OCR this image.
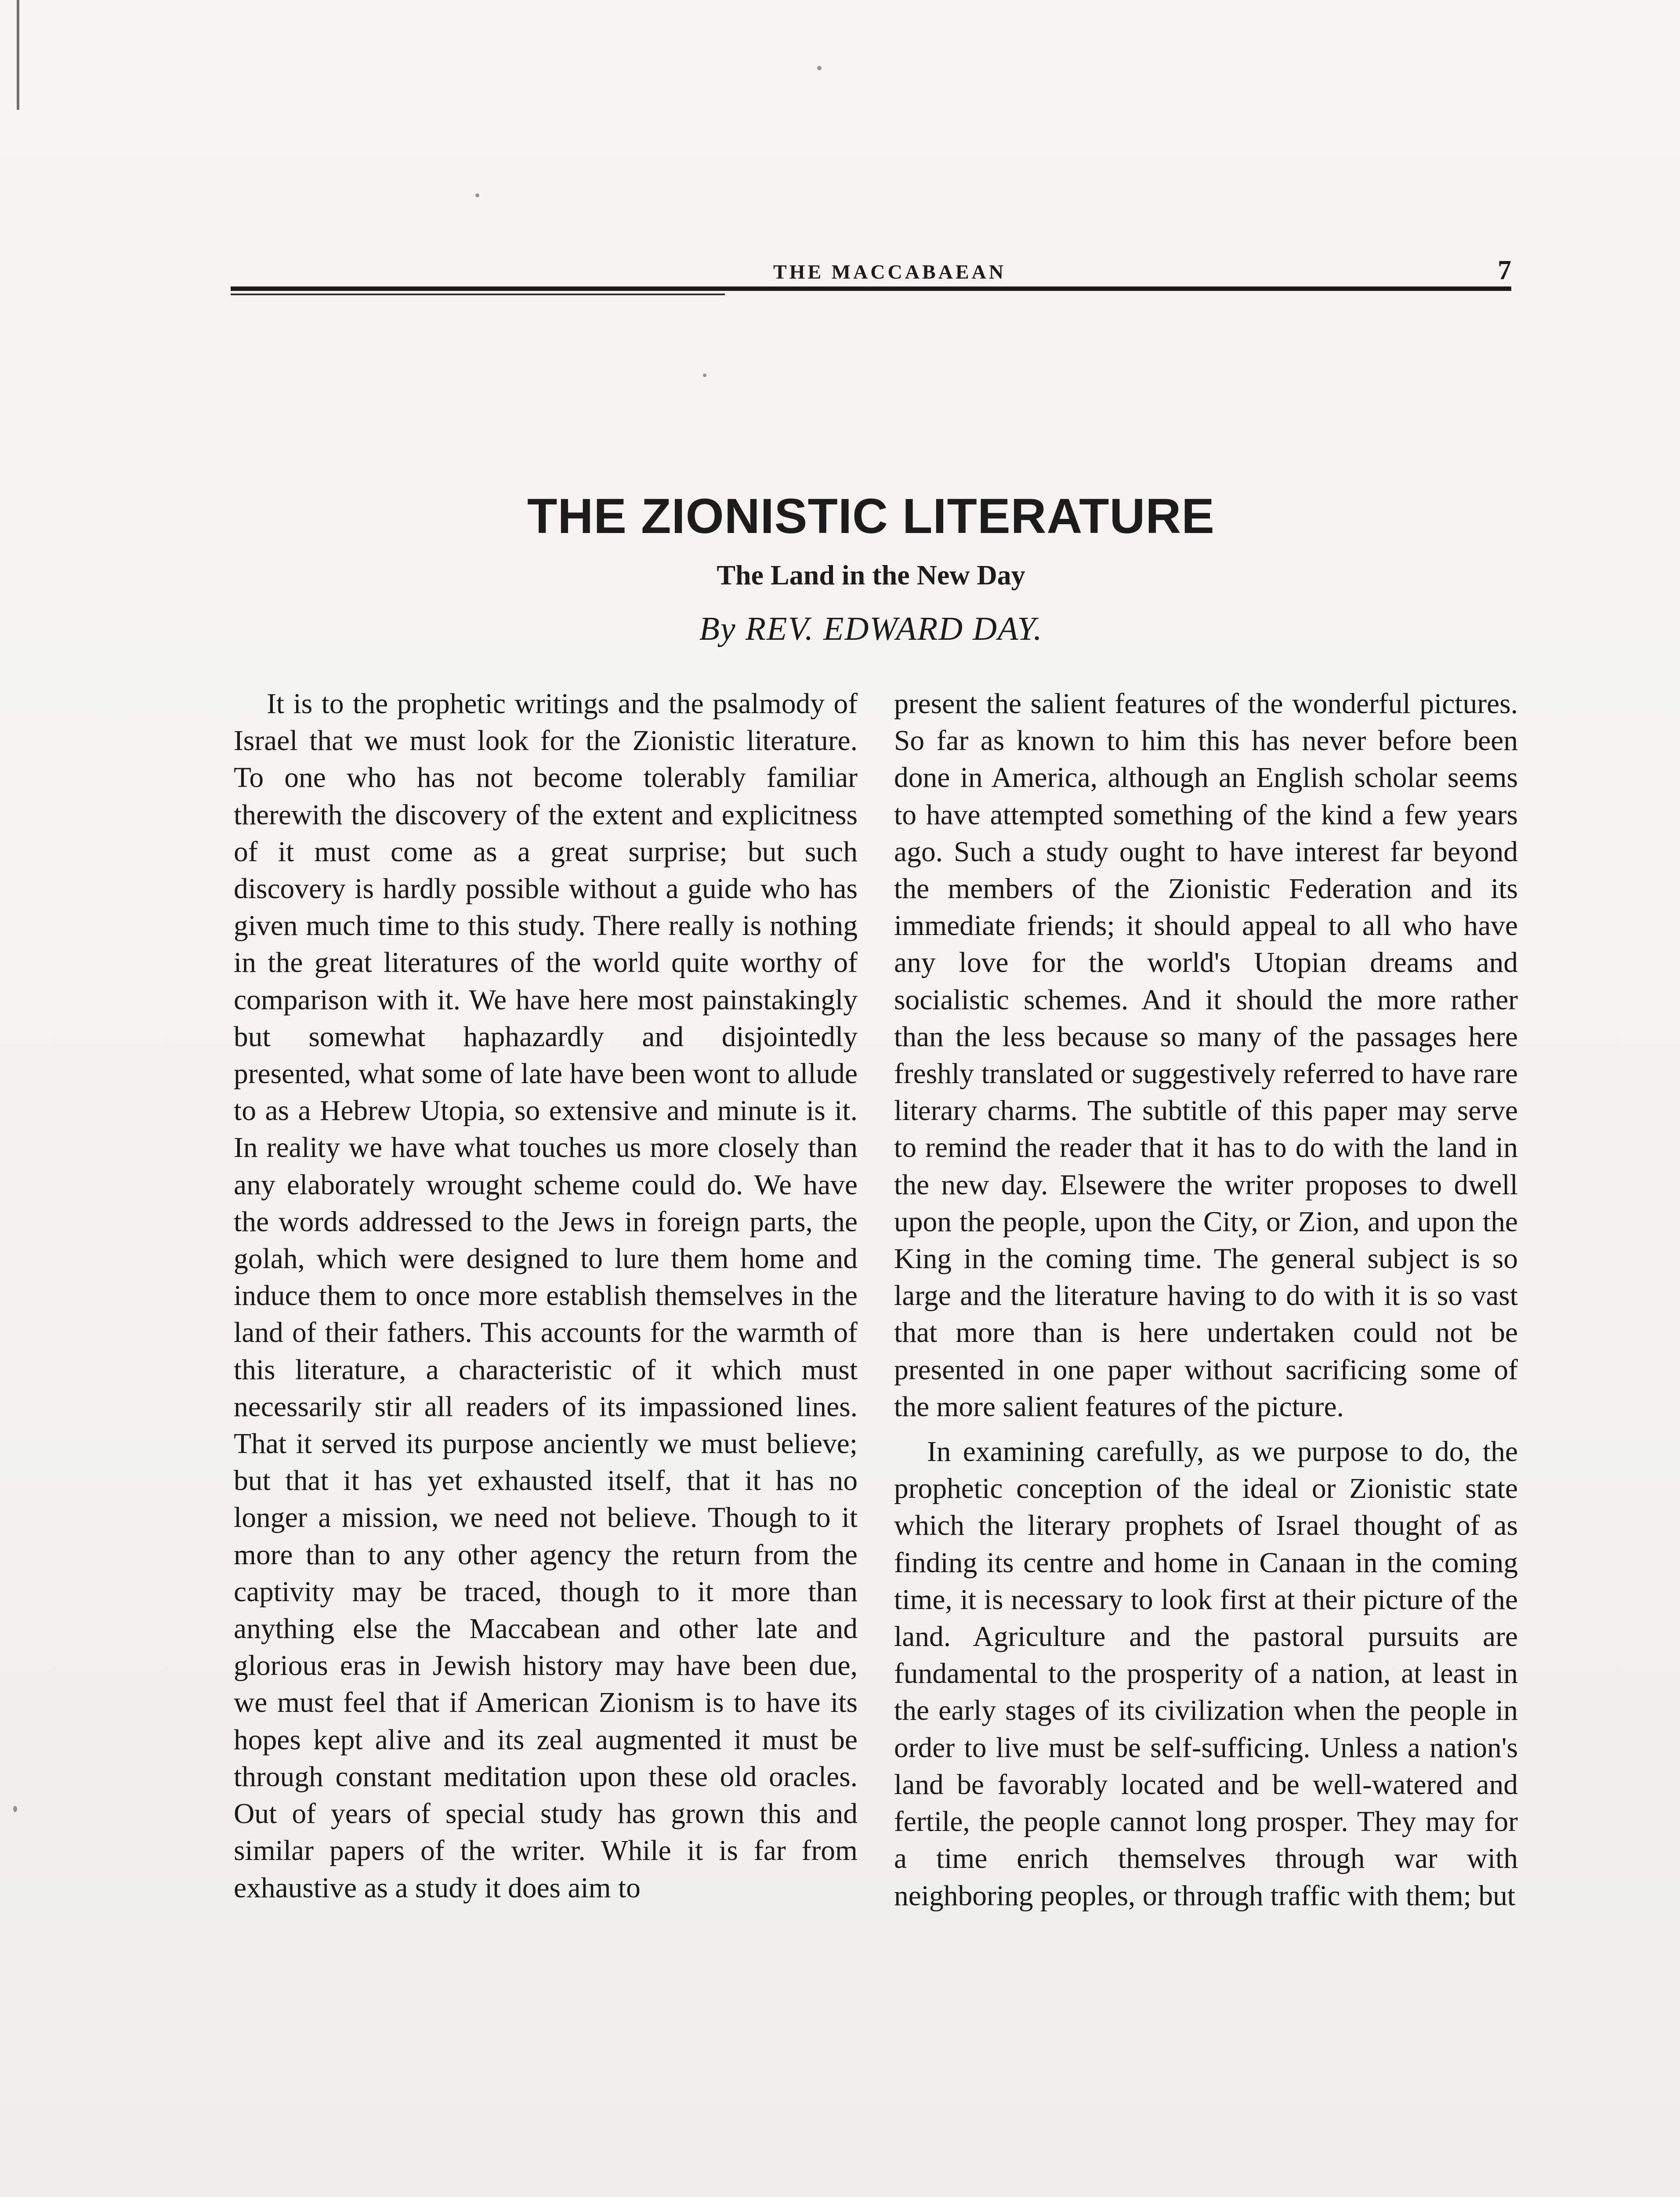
THE MACCABAEAN	7
THE ZIONISTIC LITERATURE
The Land in the New Day
By REV. EDWARD DAY.

It is to the prophetic writings and the psalmody of Israel that we must look for the Zionistic literature. To one who has not become tolerably familiar therewith the discovery of the extent and explicitness of it must come as a great surprise; but such discovery is hardly possible without a guide who has given much time to this study. There really is nothing in the great literatures of the world quite worthy of comparison with it. We have here most painstakingly but somewhat haphazardly and disjointedly presented, what some of late have been wont to allude to as a Hebrew Utopia, so extensive and minute is it. In reality we have what touches us more closely than any elaborately wrought scheme could do. We have the words addressed to the Jews in foreign parts, the golah, which were designed to lure them home and induce them to once more establish themselves in the land of their fathers. This accounts for the warmth of this literature, a characteristic of it which must necessarily stir all readers of its impassioned lines. That it served its purpose anciently we must believe; but that it has yet exhausted itself, that it has no longer a mission, we need not believe. Though to it more than to any other agency the return from the captivity may be traced, though to it more than anything else the Maccabean and other late and glorious eras in Jewish history may have been due, we must feel that if American Zionism is to have its hopes kept alive and its zeal augmented it must be through constant meditation upon these old oracles. Out of years of special study has grown this and similar papers of the writer. While it is far from exhaustive as a study it does aim to

present the salient features of the wonderful pictures. So far as known to him this has never before been done in America, although an English scholar seems to have attempted something of the kind a few years ago. Such a study ought to have interest far beyond the members of the Zionistic Federation and its immediate friends; it should appeal to all who have any love for the world's Utopian dreams and socialistic schemes. And it should the more rather than the less because so many of the passages here freshly translated or suggestively referred to have rare literary charms. The subtitle of this paper may serve to remind the reader that it has to do with the land in the new day. Elsewere the writer proposes to dwell upon the people, upon the City, or Zion, and upon the King in the coming time. The general subject is so large and the literature having to do with it is so vast that more than is here undertaken could not be presented in one paper without sacrificing some of the more salient features of the picture.

In examining carefully, as we purpose to do, the prophetic conception of the ideal or Zionistic state which the literary prophets of Israel thought of as finding its centre and home in Canaan in the coming time, it is necessary to look first at their picture of the land. Agriculture and the pastoral pursuits are fundamental to the prosperity of a nation, at least in the early stages of its civilization when the people in order to live must be self-sufficing. Unless a nation's land be favorably located and be well-watered and fertile, the people cannot long prosper. They may for a time enrich themselves through war with neighboring peoples, or through traffic with them; but
